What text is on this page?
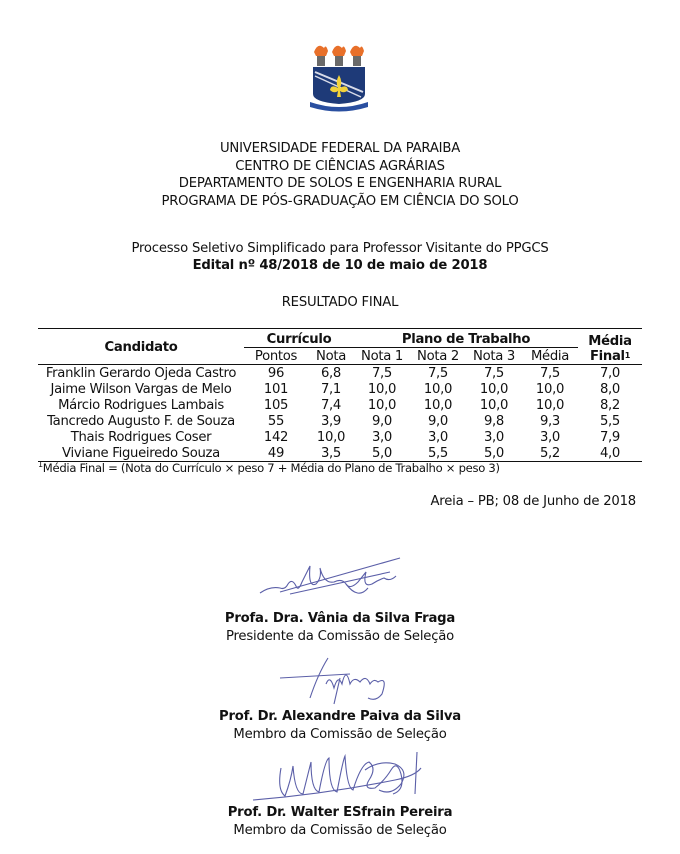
UNIVERSIDADE FEDERAL DA PARAIBA
CENTRO DE CIÊNCIAS AGRÁRIAS
DEPARTAMENTO DE SOLOS E ENGENHARIA RURAL
PROGRAMA DE PÓS-GRADUAÇÃO EM CIÊNCIA DO SOLO
Processo Seletivo Simplificado para Professor Visitante do PPGCS
Edital nº 48/2018 de 10 de maio de 2018
RESULTADO FINAL
Candidato	Currículo		Plano de Trabalho				Média
Final$^1$
	Pontos	Nota	Nota 1	Nota 2	Nota 3	Média	
Franklin Gerardo Ojeda Castro	96	6,8	7,5	7,5	7,5	7,5	7,0
Jaime Wilson Vargas de Melo	101	7,1	10,0	10,0	10,0	10,0	8,0
Márcio Rodrigues Lambais	105	7,4	10,0	10,0	10,0	10,0	8,2
Tancredo Augusto F. de Souza	55	3,9	9,0	9,0	9,8	9,3	5,5
Thais Rodrigues Coser	142	10,0	3,0	3,0	3,0	3,0	7,9
Viviane Figueiredo Souza	49	3,5	5,0	5,5	5,0	5,2	4,0
$^1$Média Final = (Nota do Currículo × peso 7 + Média do Plano de Trabalho × peso 3)
Areia – PB; 08 de Junho de 2018
Profa. Dra. Vânia da Silva Fraga
Presidente da Comissão de Seleção
Prof. Dr. Alexandre Paiva da Silva
Membro da Comissão de Seleção
Prof. Dr. Walter ESfrain Pereira
Membro da Comissão de Seleção
